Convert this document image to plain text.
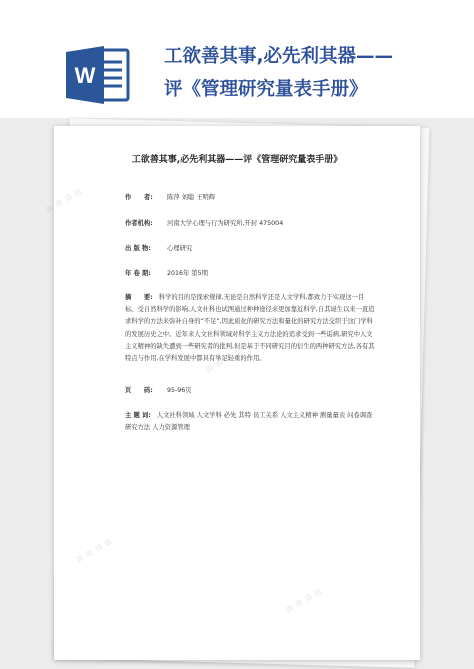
W
工欲善其事,必先利其器——
评《管理研究量表手册》
▨ ▨ ▨ ▨
▨ ▨ ▨ ▨
▨ ▨ ▨ ▨
▨ ▨ ▨ ▨
工欲善其事,必先利其器——评《管理研究量表手册》
作　　者: 陈萍 刘聪 王明辉
作者机构: 河南大学心理与行为研究所,开封 475004
出 版 物:	心理研究
年 卷 期:	2016年 第5期
摘　　要: 科学的目的是探索规律,无论是自然科学还是人文学科,都致力于实现这一目标。受自然科学的影响,人文社科也试图通过种种途径来更加靠近科学,自其诞生以来一直追求科学的方法来弥补自身的“不足”,因此质化的研究方法和量化的研究方法交织于这门学科的发展历史之中。近年来人文社科领域对科学主义方法论的追求受到一些诟病,研究中人文主义精神的缺失遭到一些研究者的批判,但是基于不同研究目的衍生的两种研究方法,各有其特点与作用,在学科发展中都具有举足轻重的作用。
页　　码: 95-96页
主 题 词: 人文社科领域 人文学科 必先 其特 员工关系 人文主义精神 测量量表 问卷调查 研究方法 人力资源管理
